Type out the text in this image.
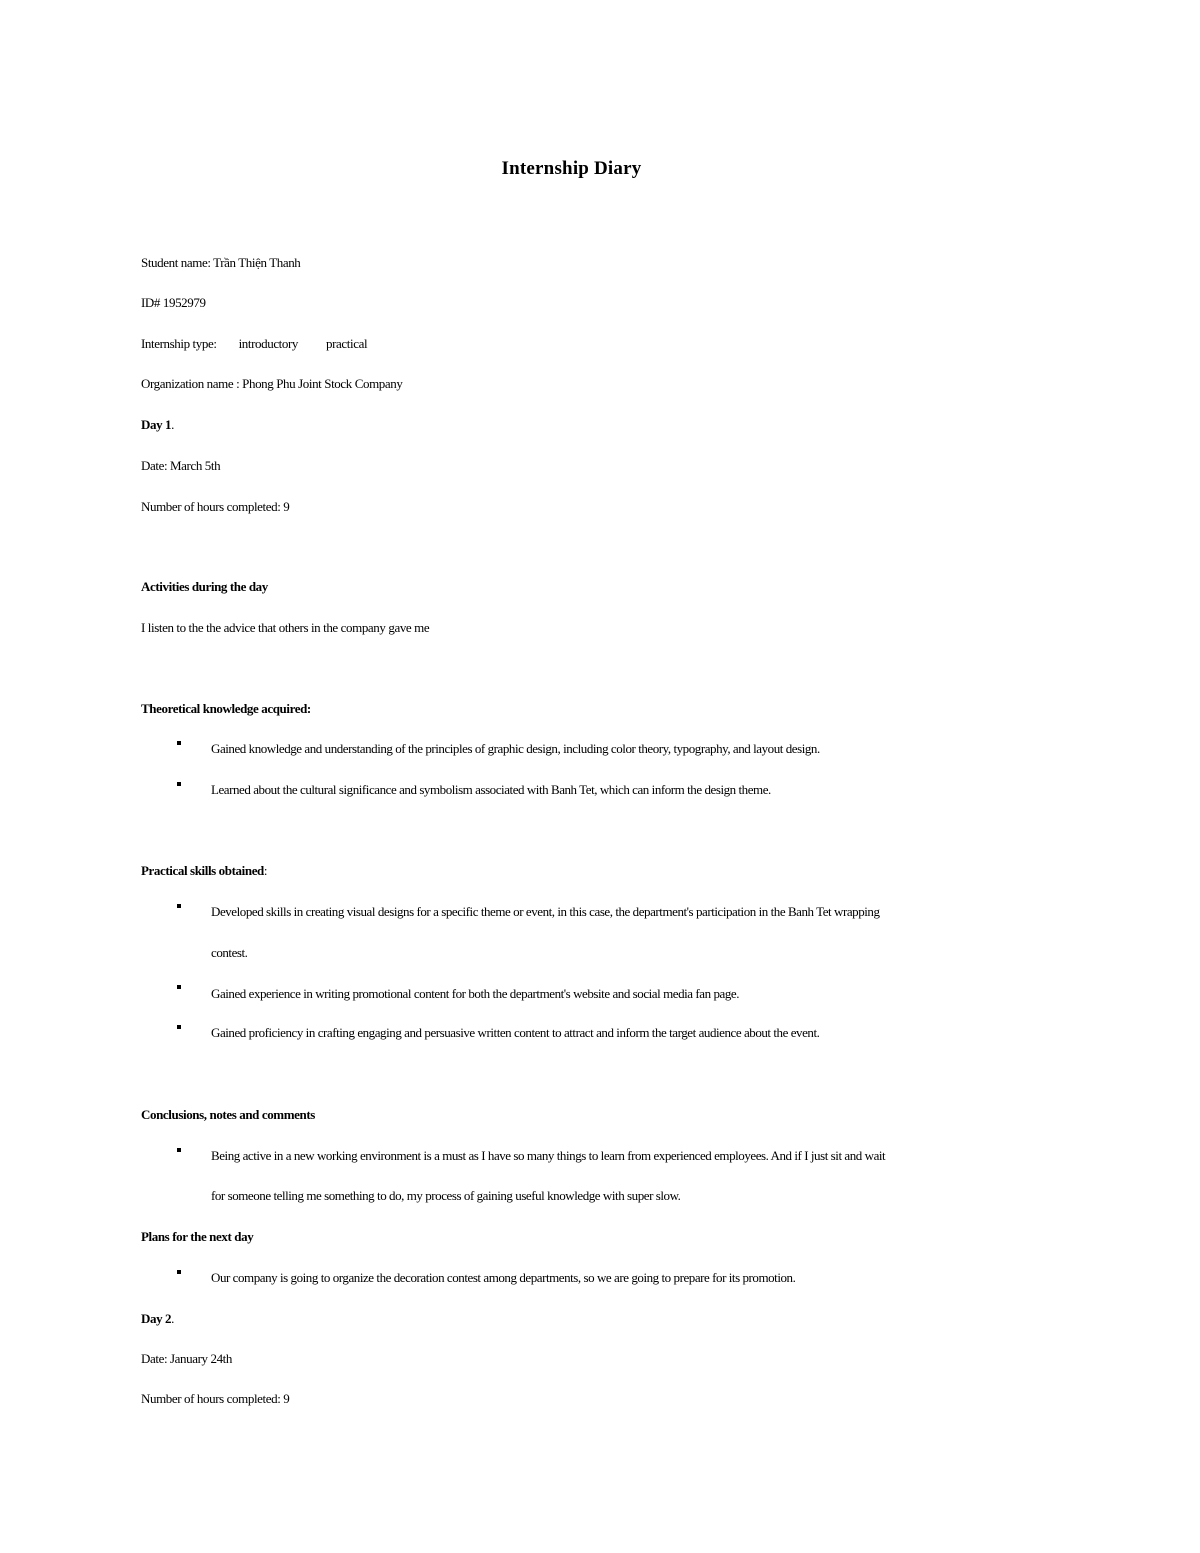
Internship Diary
Student name: Trần Thiện Thanh
ID# 1952979
Internship type: introductory practical
Organization name : Phong Phu Joint Stock Company
Day 1.
Date: March 5th
Number of hours completed: 9
Activities during the day
I listen to the the advice that others in the company gave me
Theoretical knowledge acquired:
Gained knowledge and understanding of the principles of graphic design, including color theory, typography, and layout design.
Learned about the cultural significance and symbolism associated with Banh Tet, which can inform the design theme.
Practical skills obtained:
Developed skills in creating visual designs for a specific theme or event, in this case, the department's participation in the Banh Tet wrapping
contest.
Gained experience in writing promotional content for both the department's website and social media fan page.
Gained proficiency in crafting engaging and persuasive written content to attract and inform the target audience about the event.
Conclusions, notes and comments
Being active in a new working environment is a must as I have so many things to learn from experienced employees. And if I just sit and wait
for someone telling me something to do, my process of gaining useful knowledge with super slow.
Plans for the next day
Our company is going to organize the decoration contest among departments, so we are going to prepare for its promotion.
Day 2.
Date: January 24th
Number of hours completed: 9
